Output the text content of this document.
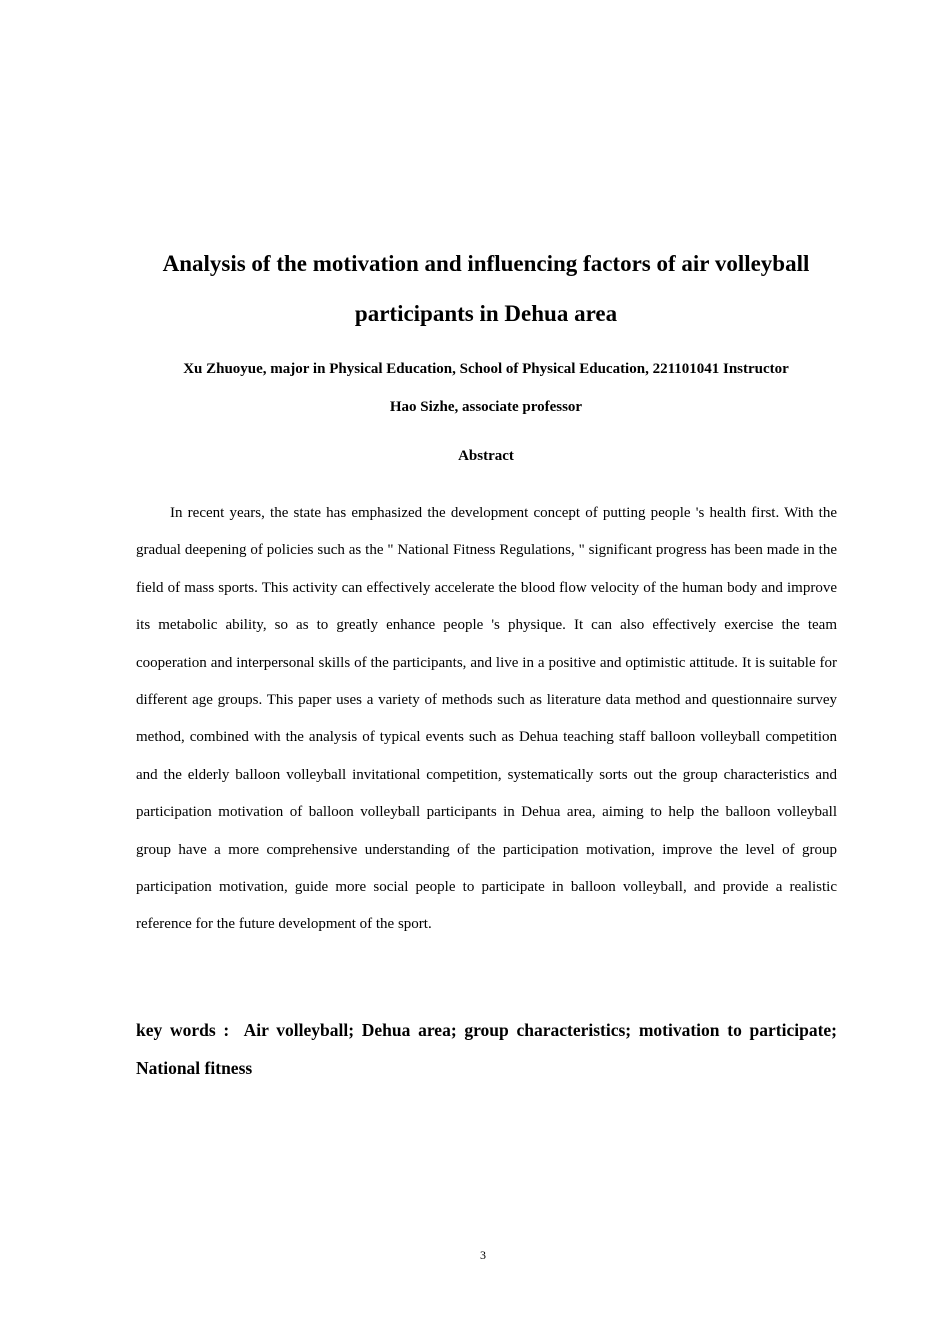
Analysis of the motivation and influencing factors of air volleyball
participants in Dehua area
Xu Zhuoyue, major in Physical Education, School of Physical Education, 221101041 Instructor
Hao Sizhe, associate professor
Abstract

In recent years, the state has emphasized the development concept of putting people 's health first. With the gradual deepening of policies such as the " National Fitness Regulations, " significant progress has been made in the field of mass sports. This activity can effectively accelerate the blood flow velocity of the human body and improve its metabolic ability, so as to greatly enhance people 's physique. It can also effectively exercise the team cooperation and interpersonal skills of the participants, and live in a positive and optimistic attitude. It is suitable for different age groups. This paper uses a variety of methods such as literature data method and questionnaire survey method, combined with the analysis of typical events such as Dehua teaching staff balloon volleyball competition and the elderly balloon volleyball invitational competition, systematically sorts out the group characteristics and participation motivation of balloon volleyball participants in Dehua area, aiming to help the balloon volleyball group have a more comprehensive understanding of the participation motivation, improve the level of group participation motivation, guide more social people to participate in balloon volleyball, and provide a realistic reference for the future development of the sport.

key words :  Air volleyball; Dehua area; group characteristics; motivation to participate; National fitness

3
